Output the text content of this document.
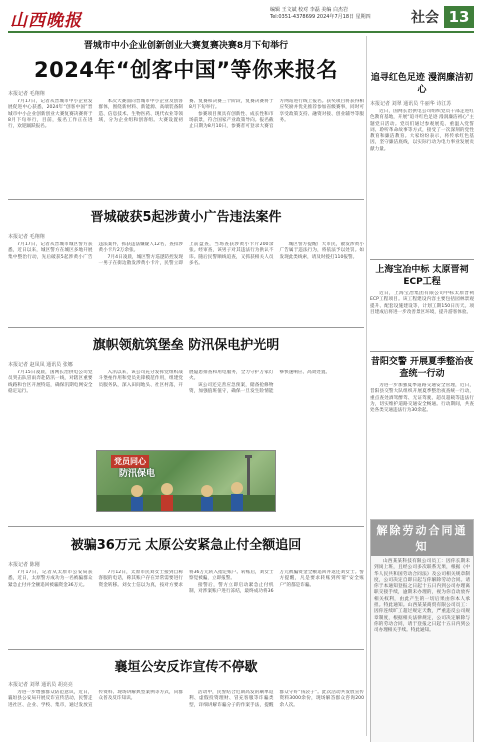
山西晚报
编辑 王文斌 校对 李磊 美编 白杰岩
Tel:0351-4378699 2024年7月18日 星期四	社会 13
晋城市中小企业创新创业大赛复赛决赛8月下旬举行
2024年“创客中国”等你来报名
本报记者 毛翔翔

7月17日，记者从晋城市中小企业发展促进中心获悉，2024年“创客中国”晋城市中小企业创新创业大赛复赛决赛将于8月下旬举行，目前，报名工作正在进行，欢迎踊跃报名。

本次大赛面向晋城市中小企业及创客群体，围绕新材料、新能源、高端装备制造、信息技术、生物医药、现代农业等领域，分为企业组和创客组。大赛设置初赛、复赛和决赛三个阶段，复赛决赛将于8月下旬举行。

参赛项目须具有创新性、成长性和市场前景，符合国家产业政策导向。报名截止日期为8月10日，参赛者可登录大赛官方网站进行线上报名。获奖项目将获得相应奖励并优先推荐参加省级赛事，同时可享受政策支持、融资对接、创业辅导等服务。

晋城破获5起涉黄小广告违法案件
本报记者 毛翔翔

7月17日，记者从晋城市城区警方获悉，近日以来，城区警方在城区多地开展集中整治行动，先后破获5起涉黄小广告违法案件，抓获违法嫌疑人12名，查扣涉黄小卡片2万余张。

7月4日凌晨，城区警方巡逻防控发现一男子在街边散发涉黄小卡片，民警立即上前盘查，当场查获涉黄小卡片200余张。经审查，该男子对其违法行为供认不讳。随后民警顺线追查，又抓获相关人员多名。

城区警方提醒广大市民，散发涉黄小广告属于违法行为，将依法予以处罚。如发现此类线索，请及时拨打110报警。

旗帜领航筑堡垒 防汛保电护光明
本报记者 赵凤凤 通讯员 张娜

7月15日凌晨，国网长治供电公司党员突击队冒雨奔赴防汛一线，对辖区重要线路和台区开展特巡，确保汛期电网安全稳定运行。

入汛以来，该公司充分发挥党组织战斗堡垒作用和党员先锋模范作用，组建党员服务队，深入田间地头、社区村落，开展隐患排查和用电服务，全力守护万家灯火。

该公司还完善应急预案，储备抢修物资，加强值班值守，确保一旦发生险情能够快速响应、高效处置。

党员同心
防汛保电
被骗36万元 太原公安紧急止付全额追回
本报记者 陈刚

7月17日，记者从太原市公安局获悉，近日，太原警方成功为一名被骗群众紧急止付并全额追回被骗资金36万元。

7月12日，太原市民刘女士接到自称客服的电话，称其账户存在异常需要进行资金转移。刘女士信以为真，按对方要求将36万元转入指定账户。转账后，刘女士察觉被骗，立即报警。

接警后，警方立即启动紧急止付机制，对涉案账户进行冻结，最终成功将36万元被骗资金全额追回并返还刘女士。警方提醒，凡是要求转账到所谓“安全账户”的都是诈骗。

襄垣公安反诈宣传不停歇
本报记者 刘翠 通讯员 胡亮亮

为进一步增强群众防范意识，近日，襄垣县公安局开展反诈宣传活动，民警走进社区、企业、学校、集市，通过发放宣传资料、现场讲解典型案例等方式，向群众普及反诈知识。

活动中，民警结合近期高发的刷单返利、虚假投资理财、冒充客服等诈骗类型，详细讲解诈骗分子的作案手法，提醒群众守好“钱袋子”。此次活动共发放宣传资料3000余份，现场解答群众咨询200余人次。

追寻红色足迹 漫润廉洁初心
本报记者 刘翠 通讯员 牛丽华 诗江苏

近日，国网长治供电公司组织党员干部走进红色教育基地，开展“追寻红色足迹 漫润廉洁初心”主题党日活动。党员们通过参观展览、重温入党誓词、聆听革命故事等方式，接受了一次深刻的党性教育和廉洁教育。大家纷纷表示，将传承红色基因，坚守廉洁底线，以实际行动为电力事业发展贡献力量。

上海宝冶中标 太原晋祠ECP工程

近日，上海宝冶集团有限公司中标太原晋祠ECP工程项目。该工程建设内容主要包括园林景观提升、配套设施建设等，计划工期150日历天。项目建成后将进一步改善景区环境，提升游客体验。

昔阳交警 开展夏季整治夜查统一行动

为进一步加强夏季道路交通安全管理，近日，昔阳县交警大队组织开展夏季整治夜查统一行动，重点查处酒驾醉驾、无证驾驶、超员超载等违法行为，切实维护道路交通安全畅通。行动期间，共查处各类交通违法行为30余起。

解除劳动合同通知

山西某某科技有限公司员工：因你长期未到岗上班，且经公司多次联系无果，根据《中华人民共和国劳动合同法》及公司相关规章制度，公司决定自即日起与你解除劳动合同。请你于本通知登报之日起十五日内到公司办理离职交接手续，逾期未办理的，视为你自动放弃相关权利，由此产生的一切后果由你本人承担。特此通知。山西某某商贸有限公司员工：因你连续旷工超过规定天数，严重违反公司规章制度，根据相关法律规定，公司决定解除与你的劳动合同，请于登报之日起十五日内到公司办理相关手续。特此通知。
